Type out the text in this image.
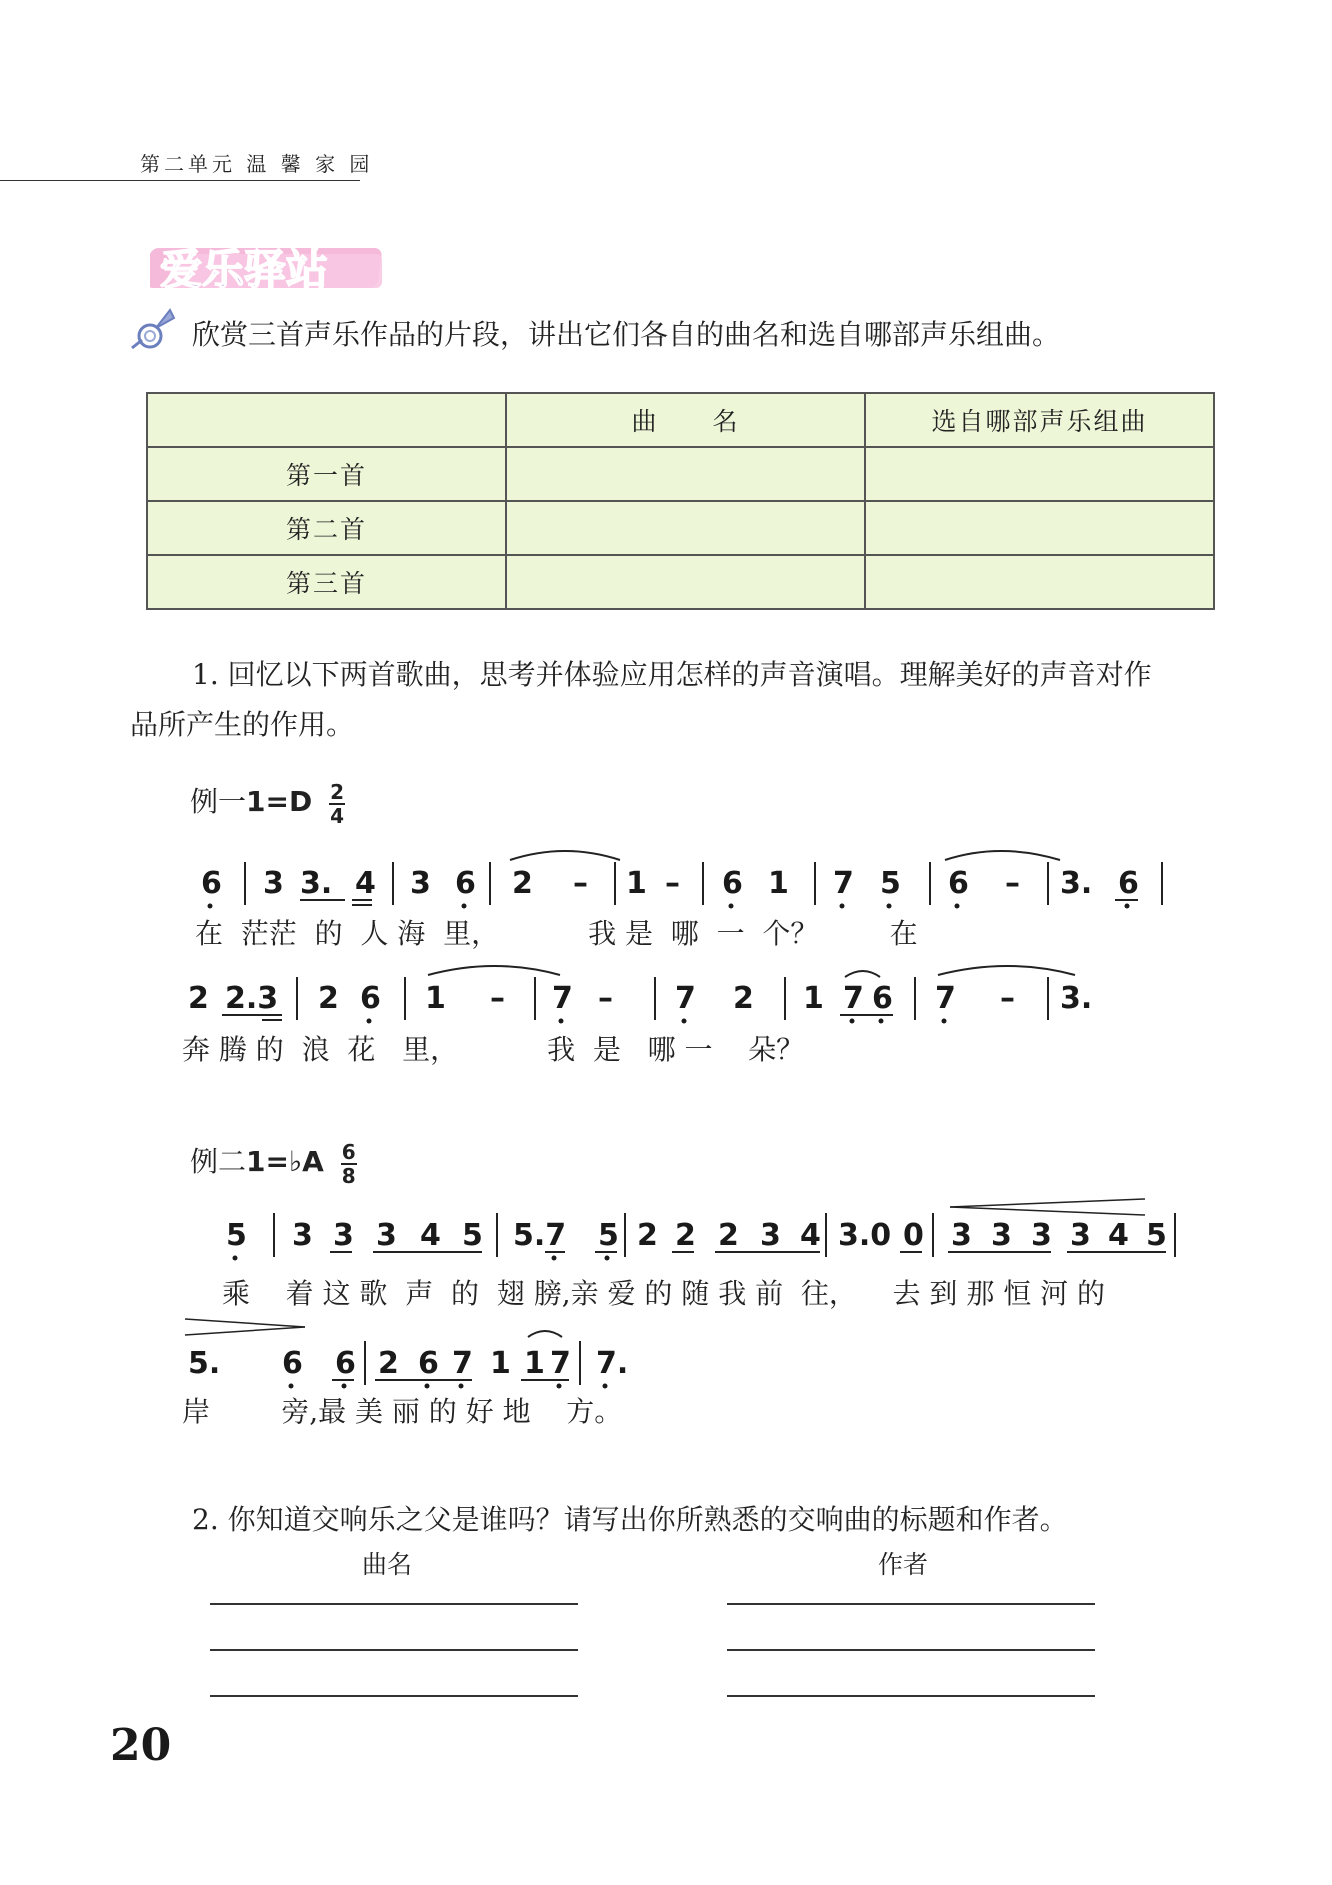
第二单元 温 馨 家 园
爱乐驿站
欣赏三首声乐作品的片段，讲出它们各自的曲名和选自哪部声乐组曲。
	曲　　名	选自哪部声乐组曲
第一首		
第二首		
第三首		
1. 回忆以下两首歌曲，思考并体验应用怎样的声音演唱。理解美好的声音对作
品所产生的作用。
例一$1=D \frac{2}{4}$
6 3 3. 4 3 6 2 – 1 – 6 1 7 5 6 – 3. 6
在  茫茫  的  人 海  里，          我 是  哪  一  个？        在
2 2.3 2 6 1 – 7 – 7 2 1 7 6 7 – 3.
奔 腾 的  浪  花   里，          我  是   哪 一    朵？
例二1=♭A $\frac{6}{8}$
5 3 3 3 4 5 5.7 5 2 2 2 3 4 3.0 0 3 3 3 3 4 5
乘    着 这 歌  声  的  翅 膀,亲 爱 的 随 我 前  往，    去 到 那 恒 河 的
5. 6 6 2 6 7 1 1 7 7.
岸        旁,最 美 丽 的 好 地    方。
2. 你知道交响乐之父是谁吗？请写出你所熟悉的交响曲的标题和作者。
曲名	作者
20
